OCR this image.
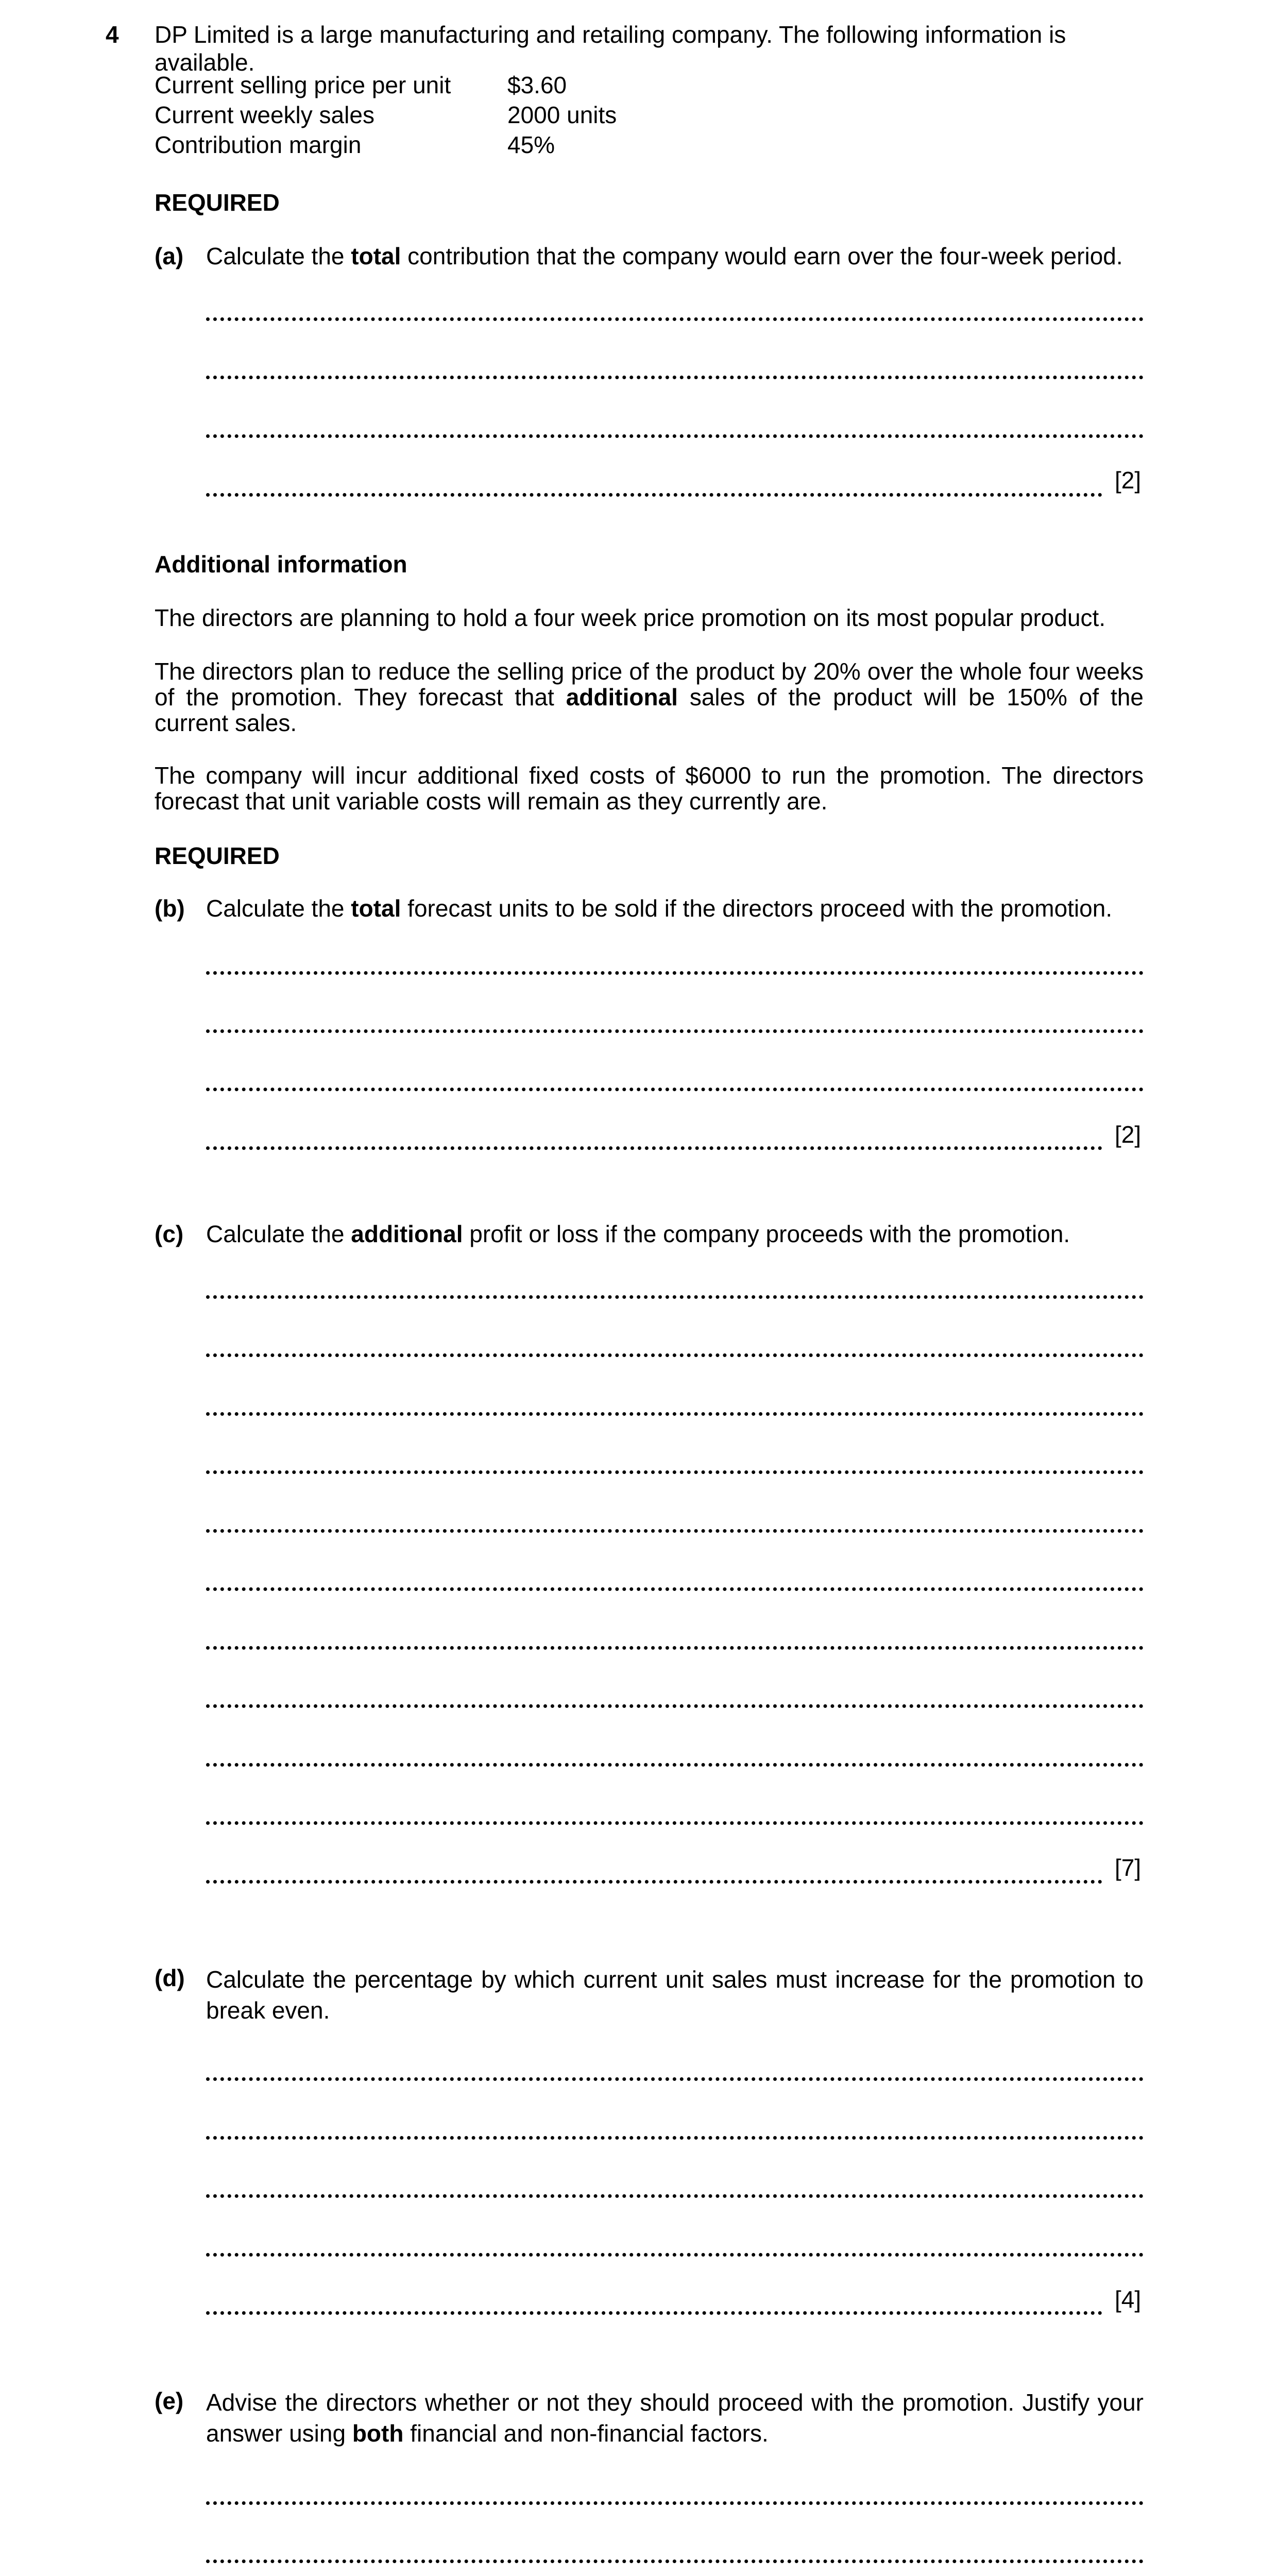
4 DP Limited is a large manufacturing and retailing company. The following information is available.
Current selling price per unit $3.60
Current weekly sales	2000 units
Contribution margin	45%
REQUIRED
(a) Calculate the total contribution that the company would earn over the four-week period.
[2]
Additional information
The directors are planning to hold a four week price promotion on its most popular product.
The directors plan to reduce the selling price of the product by 20% over the whole four weeks of the promotion. They forecast that additional sales of the product will be 150% of the current sales.
The company will incur additional fixed costs of $6000 to run the promotion. The directors forecast that unit variable costs will remain as they currently are.
REQUIRED
(b) Calculate the total forecast units to be sold if the directors proceed with the promotion.
[2]
(c) Calculate the additional profit or loss if the company proceeds with the promotion.
[7]
(d) Calculate the percentage by which current unit sales must increase for the promotion to break even.
[4]
(e) Advise the directors whether or not they should proceed with the promotion. Justify your answer using both financial and non-financial factors.
